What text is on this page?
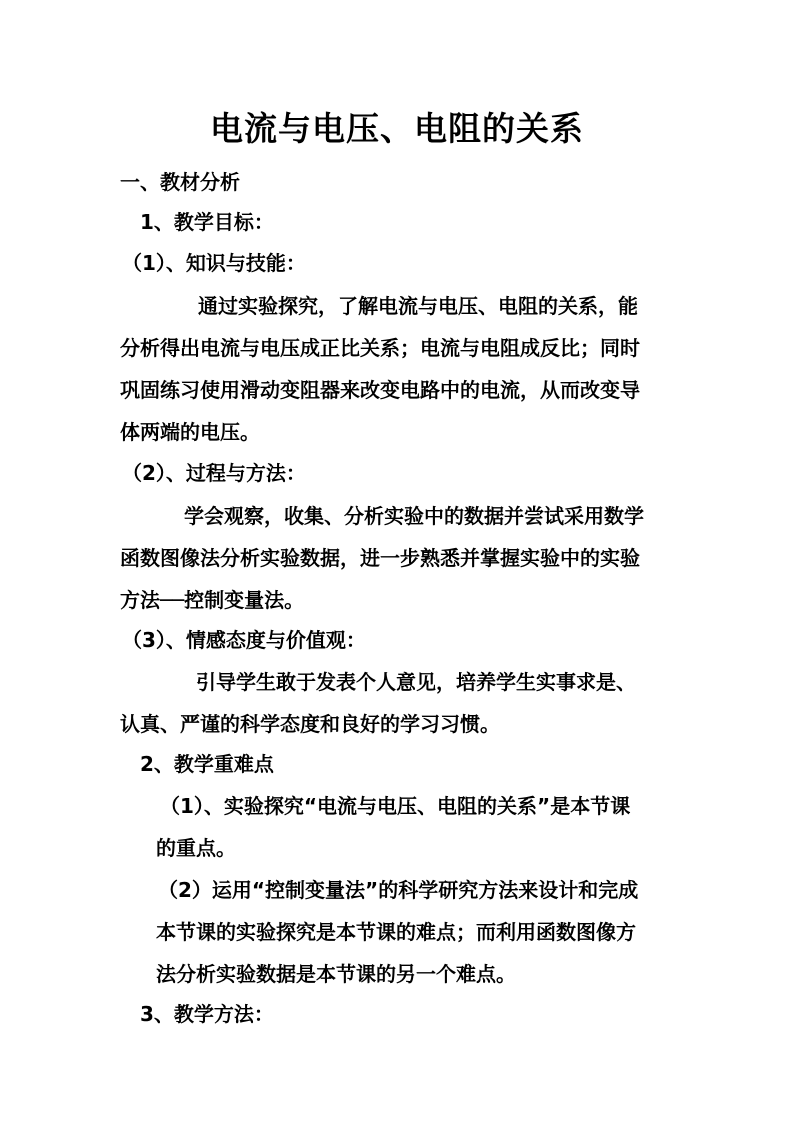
电流与电压、电阻的关系
一、教材分析
1、教学目标：
（1）、知识与技能：
通过实验探究，了解电流与电压、电阻的关系，能
分析得出电流与电压成正比关系；电流与电阻成反比；同时
巩固练习使用滑动变阻器来改变电路中的电流，从而改变导
体两端的电压。
（2）、过程与方法：
学会观察，收集、分析实验中的数据并尝试采用数学
函数图像法分析实验数据，进一步熟悉并掌握实验中的实验
方法──控制变量法。
（3）、情感态度与价值观：
引导学生敢于发表个人意见，培养学生实事求是、
认真、严谨的科学态度和良好的学习习惯。
2、教学重难点
（1）、实验探究“电流与电压、电阻的关系”是本节课
的重点。
（2）运用“控制变量法”的科学研究方法来设计和完成
本节课的实验探究是本节课的难点；而利用函数图像方
法分析实验数据是本节课的另一个难点。
3、教学方法：
